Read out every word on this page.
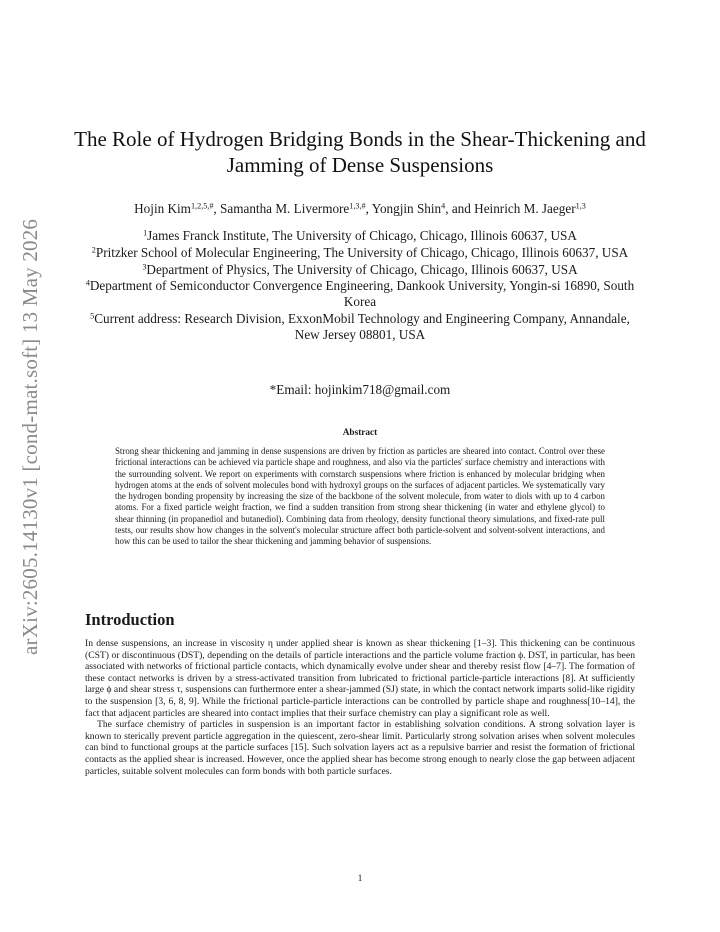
arXiv:2605.14130v1 [cond-mat.soft] 13 May 2026
The Role of Hydrogen Bridging Bonds in the Shear-Thickening and Jamming of Dense Suspensions
Hojin Kim$^{1,2,5,\#}$, Samantha M. Livermore$^{1,3,\#}$, Yongjin Shin$^4$, and Heinrich M. Jaeger$^{1,3}$

$^1$James Franck Institute, The University of Chicago, Chicago, Illinois 60637, USA

$^2$Pritzker School of Molecular Engineering, The University of Chicago, Chicago, Illinois 60637, USA

$^3$Department of Physics, The University of Chicago, Chicago, Illinois 60637, USA

$^4$Department of Semiconductor Convergence Engineering, Dankook University, Yongin-si 16890, South Korea

$^5$Current address: Research Division, ExxonMobil Technology and Engineering Company, Annandale, New Jersey 08801, USA

*Email: hojinkim718@gmail.com
Abstract

Strong shear thickening and jamming in dense suspensions are driven by friction as particles are sheared into contact. Control over these frictional interactions can be achieved via particle shape and roughness, and also via the particles' surface chemistry and interactions with the surrounding solvent. We report on experiments with cornstarch suspensions where friction is enhanced by molecular bridging when hydrogen atoms at the ends of solvent molecules bond with hydroxyl groups on the surfaces of adjacent particles. We systematically vary the hydrogen bonding propensity by increasing the size of the backbone of the solvent molecule, from water to diols with up to 4 carbon atoms. For a fixed particle weight fraction, we find a sudden transition from strong shear thickening (in water and ethylene glycol) to shear thinning (in propanediol and butanediol). Combining data from rheology, density functional theory simulations, and fixed-rate pull tests, our results show how changes in the solvent's molecular structure affect both particle-solvent and solvent-solvent interactions, and how this can be used to tailor the shear thickening and jamming behavior of suspensions.

Introduction

In dense suspensions, an increase in viscosity η under applied shear is known as shear thickening [1–3]. This thickening can be continuous (CST) or discontinuous (DST), depending on the details of particle interactions and the particle volume fraction ϕ. DST, in particular, has been associated with networks of frictional particle contacts, which dynamically evolve under shear and thereby resist flow [4–7]. The formation of these contact networks is driven by a stress-activated transition from lubricated to frictional particle-particle interactions [8]. At sufficiently large ϕ and shear stress τ, suspensions can furthermore enter a shear-jammed (SJ) state, in which the contact network imparts solid-like rigidity to the suspension [3, 6, 8, 9]. While the frictional particle-particle interactions can be controlled by particle shape and roughness[10–14], the fact that adjacent particles are sheared into contact implies that their surface chemistry can play a significant role as well.

The surface chemistry of particles in suspension is an important factor in establishing solvation conditions. A strong solvation layer is known to sterically prevent particle aggregation in the quiescent, zero-shear limit. Particularly strong solvation arises when solvent molecules can bind to functional groups at the particle surfaces [15]. Such solvation layers act as a repulsive barrier and resist the formation of frictional contacts as the applied shear is increased. However, once the applied shear has become strong enough to nearly close the gap between adjacent particles, suitable solvent molecules can form bonds with both particle surfaces.

1
